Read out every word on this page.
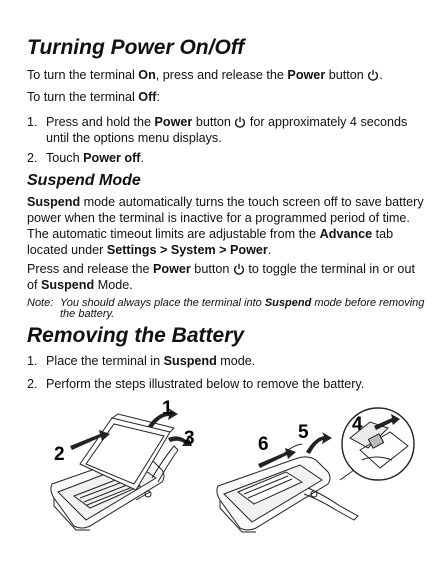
Turning Power On/Off

To turn the terminal On, press and release the Power button .

To turn the terminal Off:

1. Press and hold the Power button  for approximately 4 seconds until the options menu displays.
2. Touch Power off.
Suspend Mode

Suspend mode automatically turns the touch screen off to save battery power when the terminal is inactive for a programmed period of time. The automatic timeout limits are adjustable from the Advance tab located under Settings > System > Power.

Press and release the Power button  to toggle the terminal in or out of Suspend Mode.

Note: You should always place the terminal into Suspend mode before removing the battery.
Removing the Battery
1. Place the terminal in Suspend mode.
2. Perform the steps illustrated below to remove the battery.
1
2
3	6
5 4
